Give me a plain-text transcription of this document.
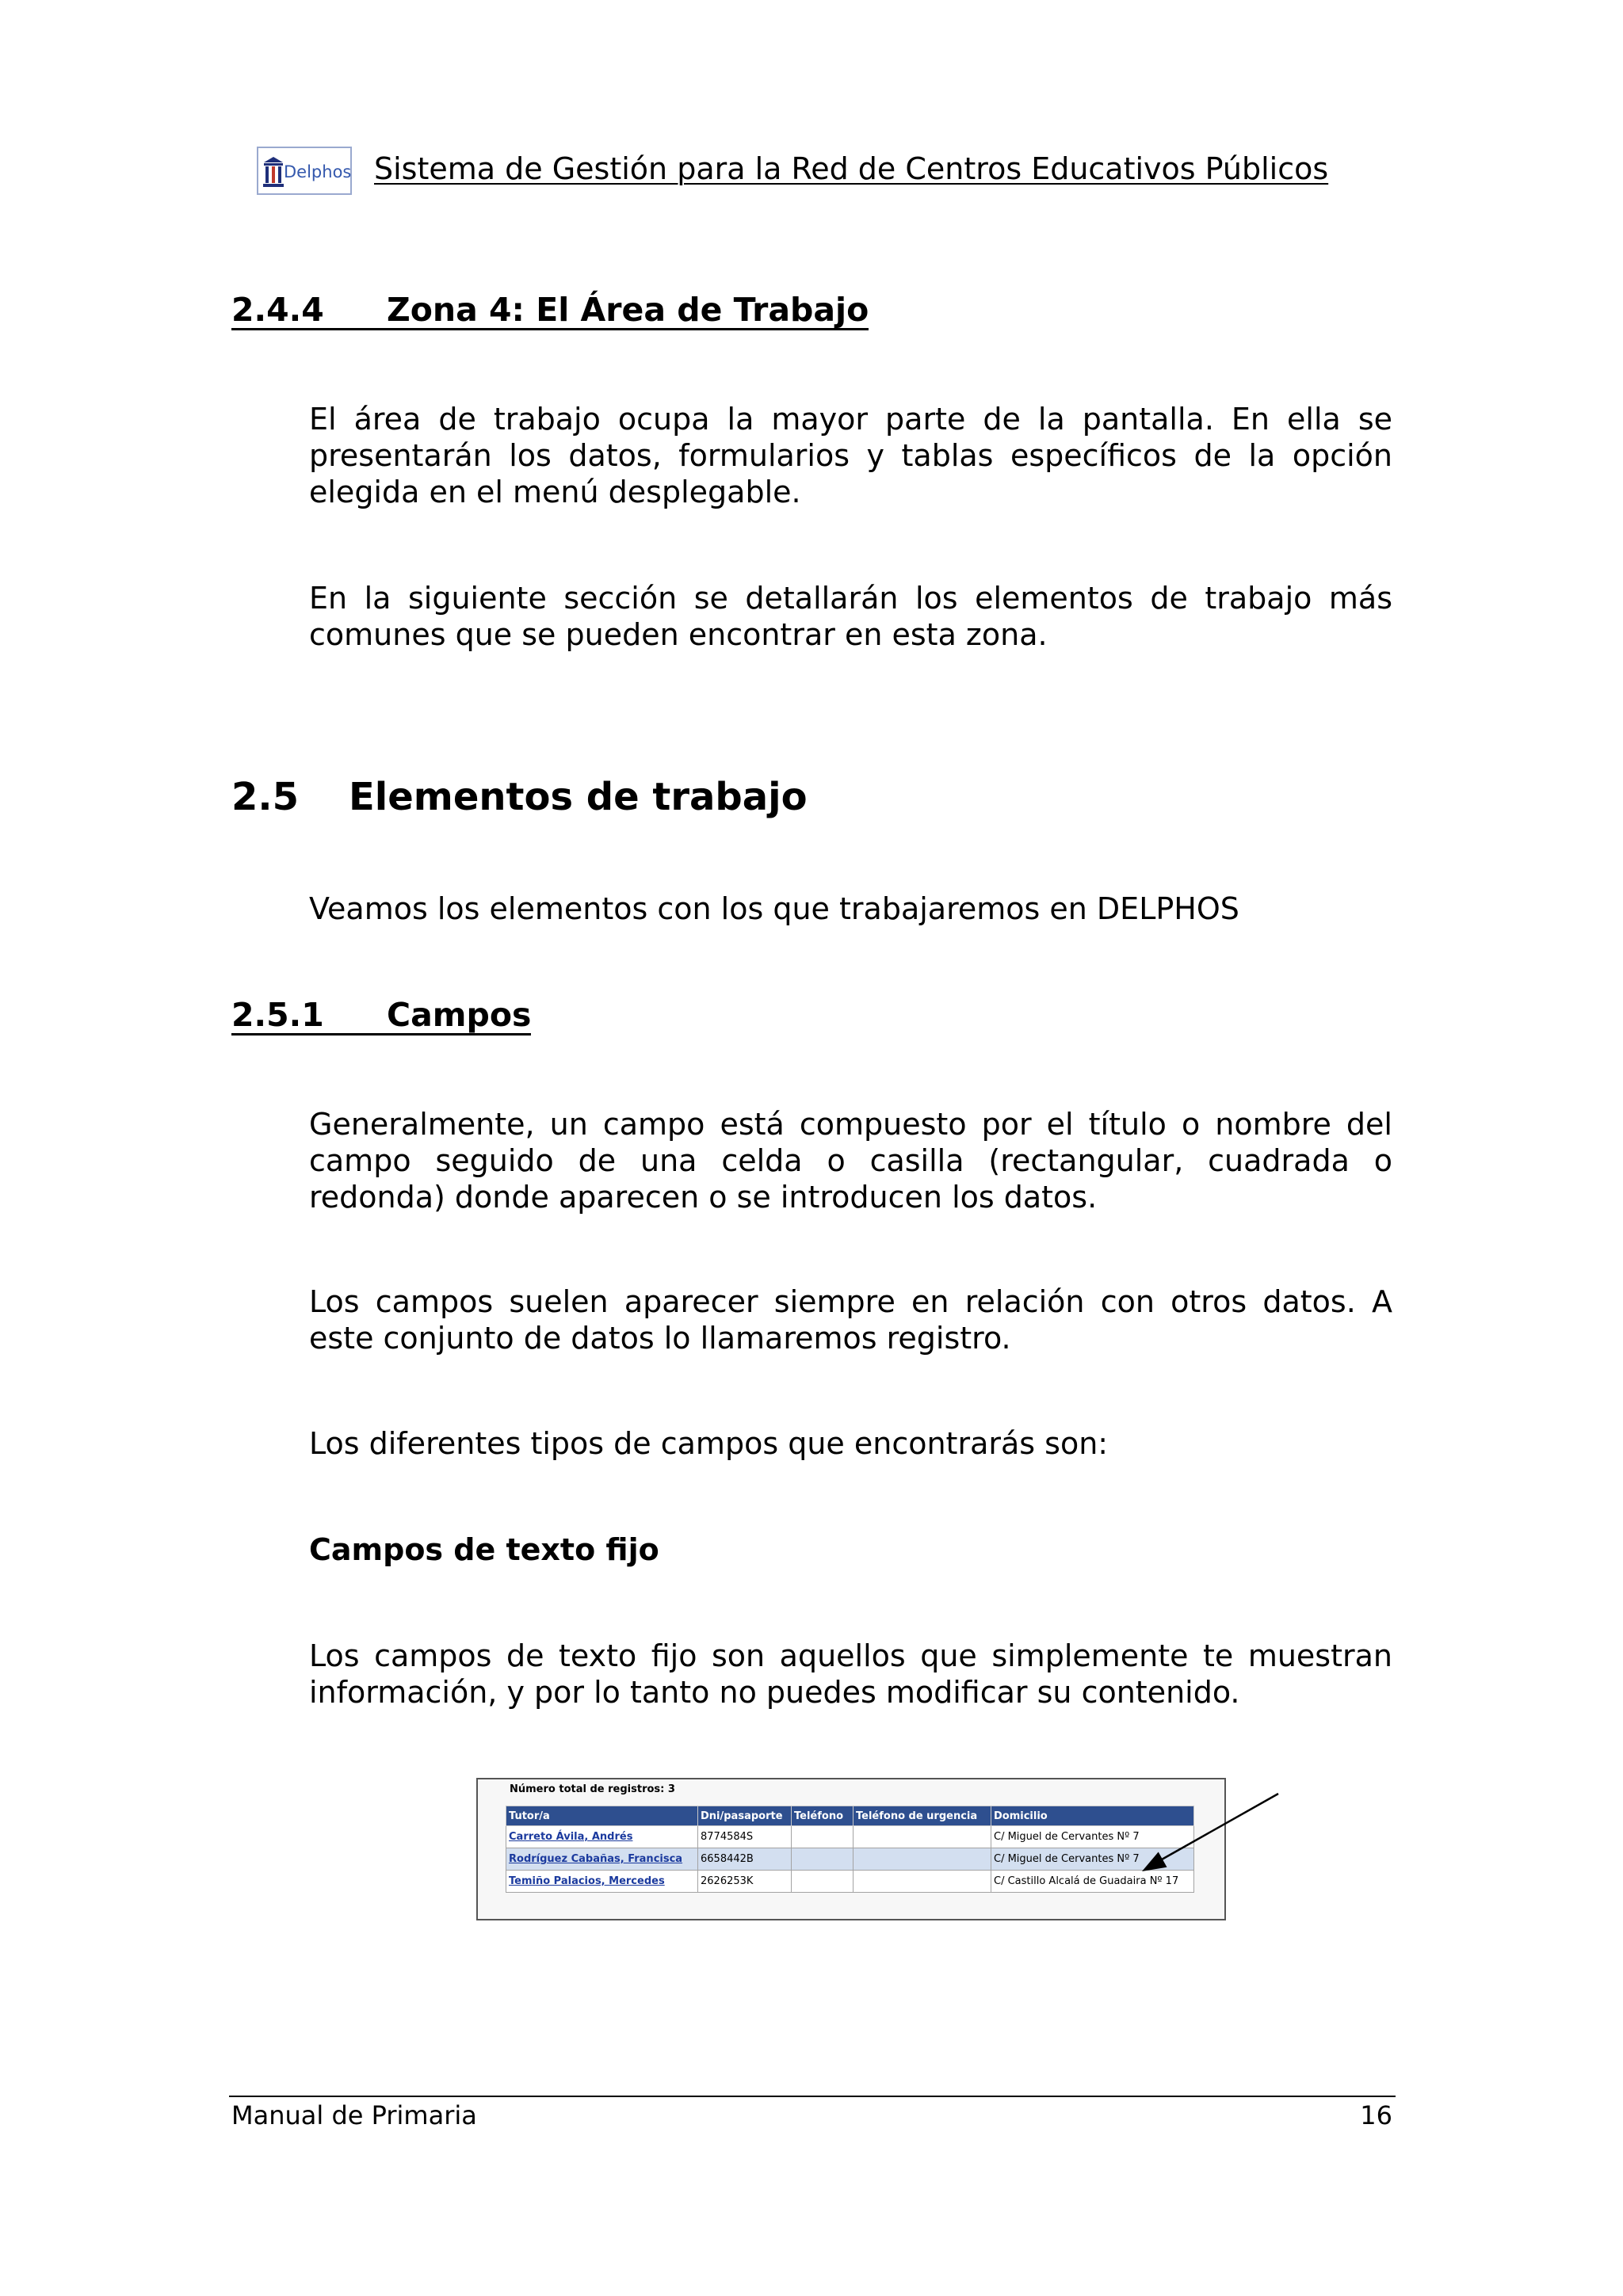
Delphos Sistema de Gestión para la Red de Centros Educativos Públicos
2.4.4	Zona 4: El Área de Trabajo

El área de trabajo ocupa la mayor parte de la pantalla. En ella se presentarán los datos, formularios y tablas específicos de la opción elegida en el menú desplegable.

En la siguiente sección se detallarán los elementos de trabajo más comunes que se pueden encontrar en esta zona.

2.5	Elementos de trabajo

Veamos los elementos con los que trabajaremos en DELPHOS

2.5.1	Campos

Generalmente, un campo está compuesto por el título o nombre del campo seguido de una celda o casilla (rectangular, cuadrada o redonda) donde aparecen o se introducen los datos.

Los campos suelen aparecer siempre en relación con otros datos. A este conjunto de datos lo llamaremos registro.

Los diferentes tipos de campos que encontrarás son:

Campos de texto fijo

Los campos de texto fijo son aquellos que simplemente te muestran información, y por lo tanto no puedes modificar su contenido.

Número total de registros: 3
Tutor/a	Dni/pasaporte	Teléfono	Teléfono de urgencia	Domicilio
Carreto Ávila, Andrés	8774584S			C/ Miguel de Cervantes Nº 7
Rodríguez Cabañas, Francisca	6658442B			C/ Miguel de Cervantes Nº 7
Temiño Palacios, Mercedes	2626253K			C/ Castillo Alcalá de Guadaira Nº 17
Manual de Primaria	16
